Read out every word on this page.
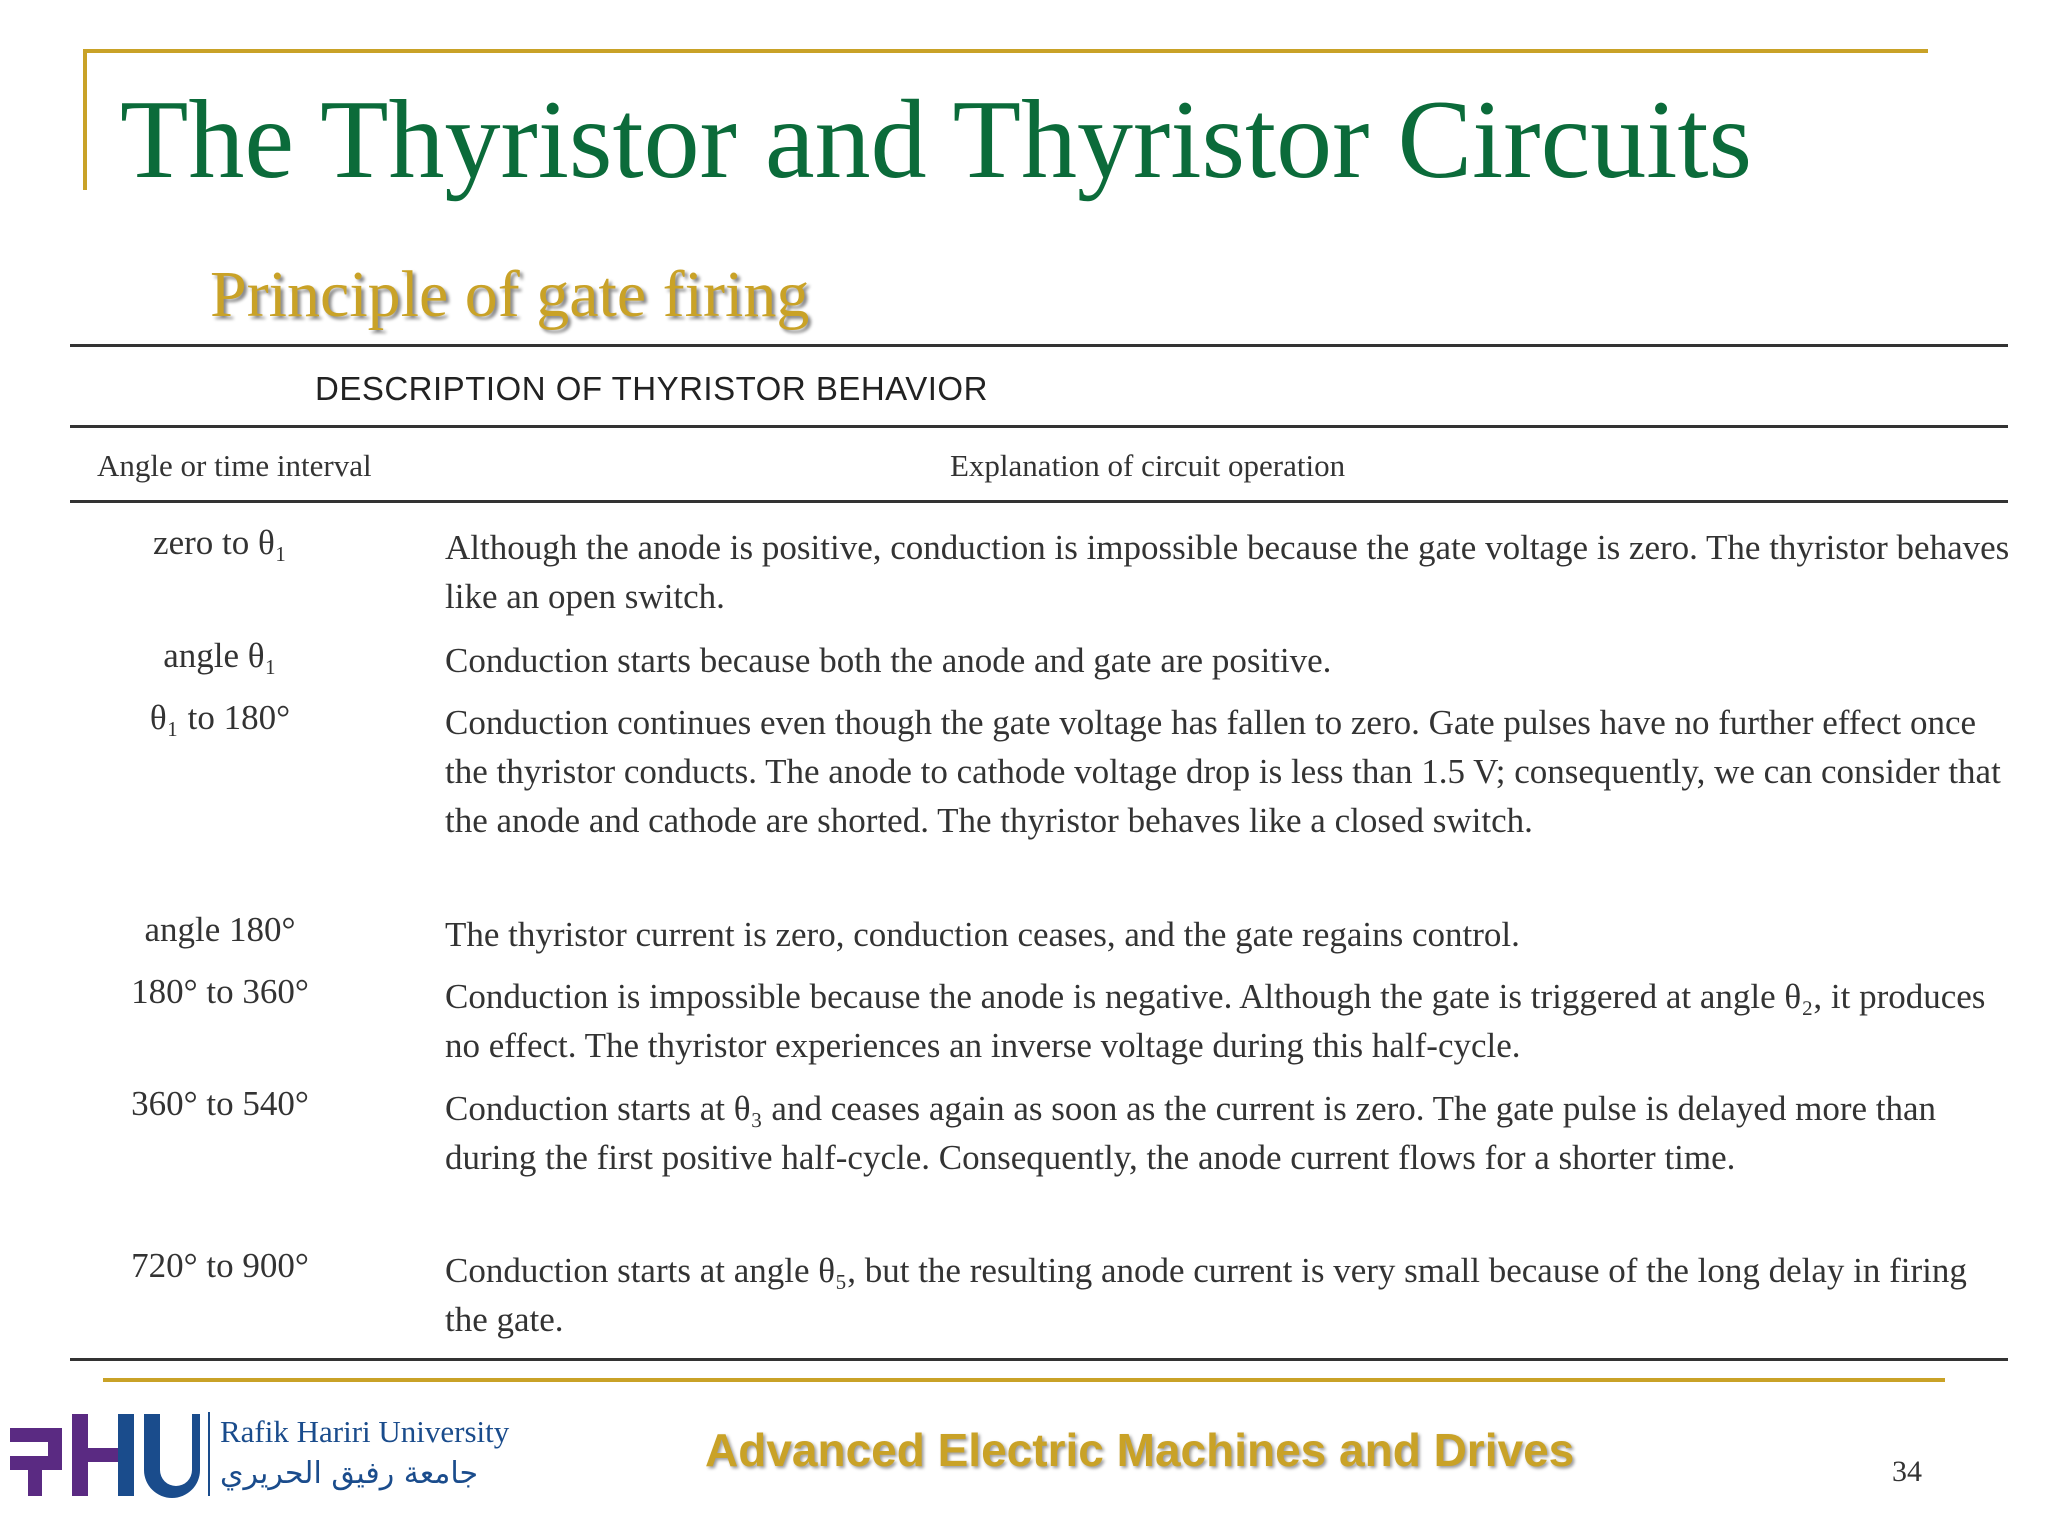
The Thyristor and Thyristor Circuits
Principle of gate firing
DESCRIPTION OF THYRISTOR BEHAVIOR
Angle or time interval	Explanation of circuit operation
zero to θ₁	Although the anode is positive, conduction is impossible because the gate voltage is zero. The thyristor behaves like an open switch.
angle θ₁	Conduction starts because both the anode and gate are positive.
θ₁ to 180°	Conduction continues even though the gate voltage has fallen to zero. Gate pulses have no further effect once the thyristor conducts. The anode to cathode voltage drop is less than 1.5 V; consequently, we can consider that the anode and cathode are shorted. The thyristor behaves like a closed switch.
angle 180°	The thyristor current is zero, conduction ceases, and the gate regains control.
180° to 360°	Conduction is impossible because the anode is negative. Although the gate is triggered at angle θ₂, it produces no effect. The thyristor experiences an inverse voltage during this half-cycle.
360° to 540°	Conduction starts at θ₃ and ceases again as soon as the current is zero. The gate pulse is delayed more than during the first positive half-cycle. Consequently, the anode current flows for a shorter time.
720° to 900°	Conduction starts at angle θ₅, but the resulting anode current is very small because of the long delay in firing the gate.
Rafik Hariri University
جامعة رفيق الحريري	Advanced Electric Machines and Drives	34
